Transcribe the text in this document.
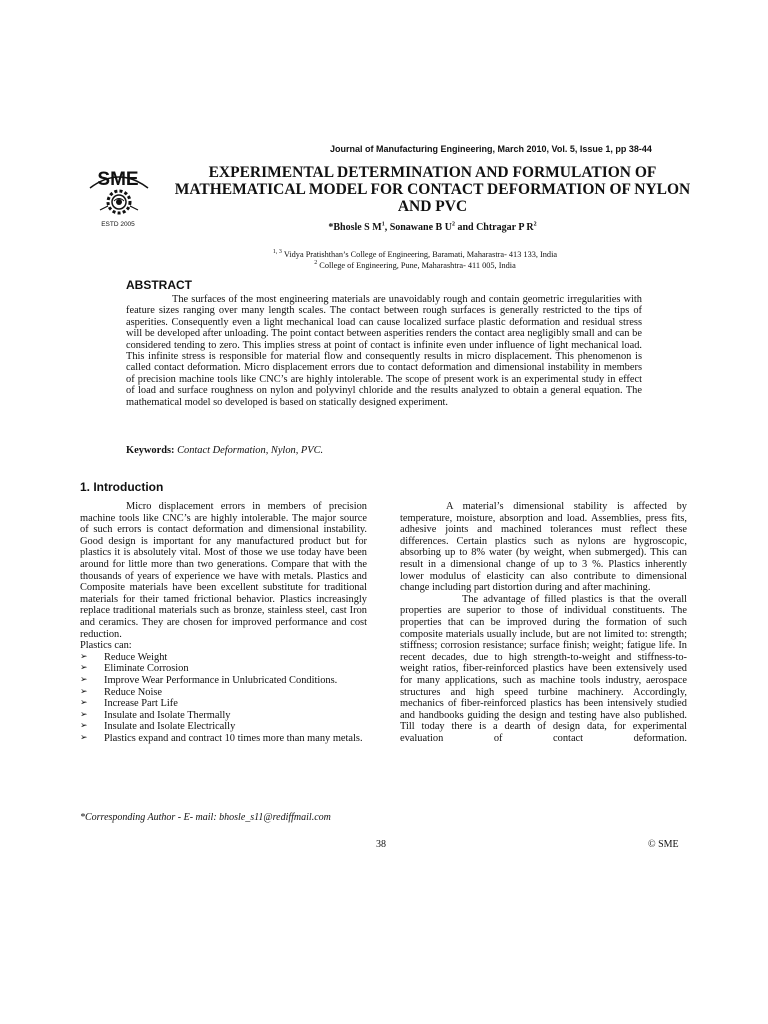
Journal of Manufacturing Engineering, March 2010, Vol. 5, Issue 1, pp 38-44
SME
ESTD 2005
EXPERIMENTAL DETERMINATION AND FORMULATION OF MATHEMATICAL MODEL FOR CONTACT DEFORMATION OF NYLON AND PVC
*Bhosle S $M^1$, Sonawane B $U^2$ and Chtragar P $R^2$
$^{1, 3}$ Vidya Pratishthan’s College of Engineering, Baramati, Maharastra- 413 133, India
$^2$ College of Engineering, Pune, Maharashtra- 411 005, India
ABSTRACT
The surfaces of the most engineering materials are unavoidably rough and contain geometric irregularities with feature sizes ranging over many length scales. The contact between rough surfaces is generally restricted to the tips of asperities. Consequently even a light mechanical load can cause localized surface plastic deformation and residual stress will be developed after unloading. The point contact between asperities renders the contact area negligibly small and can be considered tending to zero. This implies stress at point of contact is infinite even under influence of light mechanical load. This infinite stress is responsible for material flow and consequently results in micro displacement. This phenomenon is called contact deformation. Micro displacement errors due to contact deformation and dimensional instability in members of precision machine tools like CNC’s are highly intolerable. The scope of present work is an experimental study in effect of load and surface roughness on nylon and polyvinyl chloride and the results analyzed to obtain a general equation. The mathematical model so developed is based on statically designed experiment.
Keywords: Contact Deformation, Nylon, PVC.
1. Introduction

Micro displacement errors in members of precision machine tools like CNC’s are highly intolerable. The major source of such errors is contact deformation and dimensional instability. Good design is important for any manufactured product but for plastics it is absolutely vital. Most of those we use today have been around for little more than two generations. Compare that with the thousands of years of experience we have with metals. Plastics and Composite materials have been excellent substitute for traditional materials for their tamed frictional behavior. Plastics increasingly replace traditional materials such as bronze, stainless steel, cast Iron and ceramics. They are chosen for improved performance and cost reduction.

Plastics can:

➢ Reduce Weight
➢ Eliminate Corrosion
➢ Improve Wear Performance in Unlubricated Conditions.
➢ Reduce Noise
➢ Increase Part Life
➢ Insulate and Isolate Thermally
➢ Insulate and Isolate Electrically
➢ Plastics expand and contract 10 times more than many metals.

A material’s dimensional stability is affected by temperature, moisture, absorption and load. Assemblies, press fits, adhesive joints and machined tolerances must reflect these differences. Certain plastics such as nylons are hygroscopic, absorbing up to 8% water (by weight, when submerged). This can result in a dimensional change of up to 3 %. Plastics inherently lower modulus of elasticity can also contribute to dimensional change including part distortion during and after machining.

The advantage of filled plastics is that the overall properties are superior to those of individual constituents. The properties that can be improved during the formation of such composite materials usually include, but are not limited to: strength; stiffness; corrosion resistance; surface finish; weight; fatigue life. In recent decades, due to high strength-to-weight and stiffness-to-weight ratios, fiber-reinforced plastics have been extensively used for many applications, such as machine tools industry, aerospace structures and high speed turbine machinery. Accordingly, mechanics of fiber-reinforced plastics has been intensively studied and handbooks guiding the design and testing have also published. Till today there is a dearth of design data, for experimental evaluation of contact deformation.

*Corresponding Author - E- mail: bhosle_s11@rediffmail.com
38	© SME
